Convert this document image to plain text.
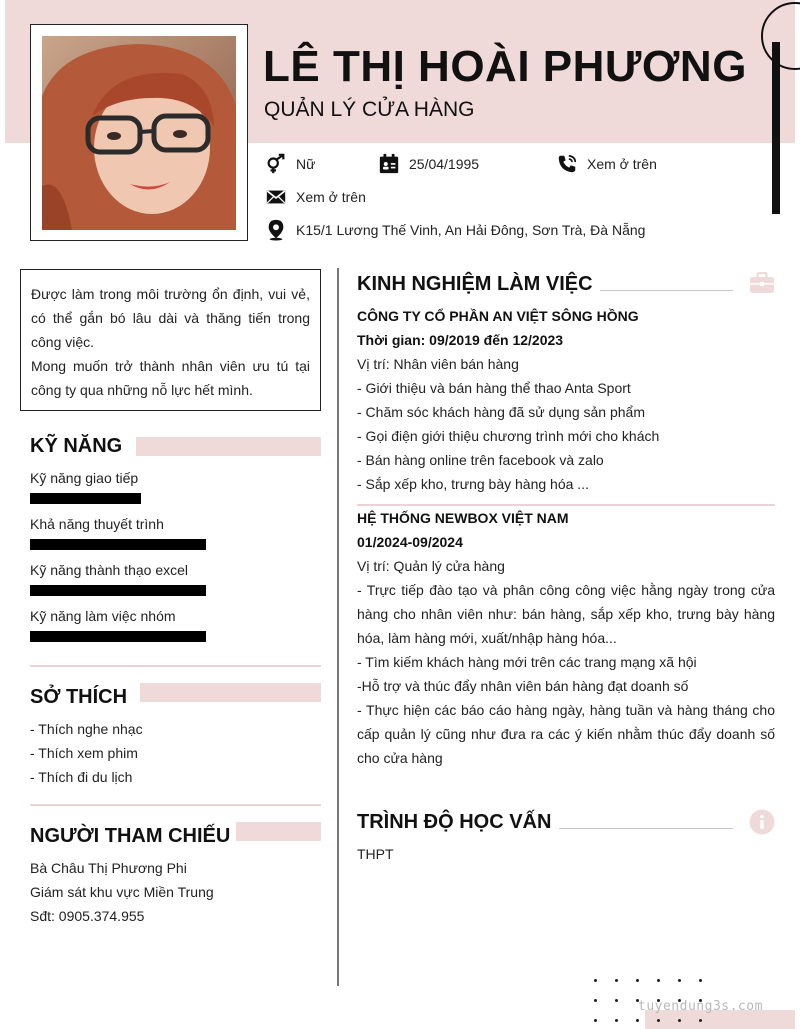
LÊ THỊ HOÀI PHƯƠNG
QUẢN LÝ CỬA HÀNG
Nữ	25/04/1995	Xem ở trên
Xem ở trên
K15/1 Lương Thế Vinh, An Hải Đông, Sơn Trà, Đà Nẵng

Được làm trong môi trường ổn định, vui vẻ, có thể gắn bó lâu dài và thăng tiến trong công việc.

Mong muốn trở thành nhân viên ưu tú tại công ty qua những nỗ lực hết mình.

KỸ NĂNG
Kỹ năng giao tiếp
Khả năng thuyết trình
Kỹ năng thành thạo excel
Kỹ năng làm việc nhóm
SỞ THÍCH
- Thích nghe nhạc
- Thích xem phim
- Thích đi du lịch
NGƯỜI THAM CHIẾU
Bà Châu Thị Phương Phi
Giám sát khu vực Miền Trung
Sđt: 0905.374.955
KINH NGHIỆM LÀM VIỆC
CÔNG TY CỔ PHẦN AN VIỆT SÔNG HỒNG
Thời gian: 09/2019 đến 12/2023
Vị trí: Nhân viên bán hàng
- Giới thiệu và bán hàng thể thao Anta Sport
- Chăm sóc khách hàng đã sử dụng sản phẩm
- Gọi điện giới thiệu chương trình mới cho khách
- Bán hàng online trên facebook và zalo
- Sắp xếp kho, trưng bày hàng hóa ...
HỆ THỐNG NEWBOX VIỆT NAM
01/2024-09/2024
Vị trí: Quản lý cửa hàng
- Trực tiếp đào tạo và phân công công việc hằng ngày trong cửa hàng cho nhân viên như: bán hàng, sắp xếp kho, trưng bày hàng hóa, làm hàng mới, xuất/nhập hàng hóa...
- Tìm kiếm khách hàng mới trên các trang mạng xã hội
-Hỗ trợ và thúc đẩy nhân viên bán hàng đạt doanh số
- Thực hiện các báo cáo hàng ngày, hàng tuần và hàng tháng cho cấp quản lý cũng như đưa ra các ý kiến nhằm thúc đẩy doanh số cho cửa hàng
TRÌNH ĐỘ HỌC VẤN
THPT
tuyendung3s.com
